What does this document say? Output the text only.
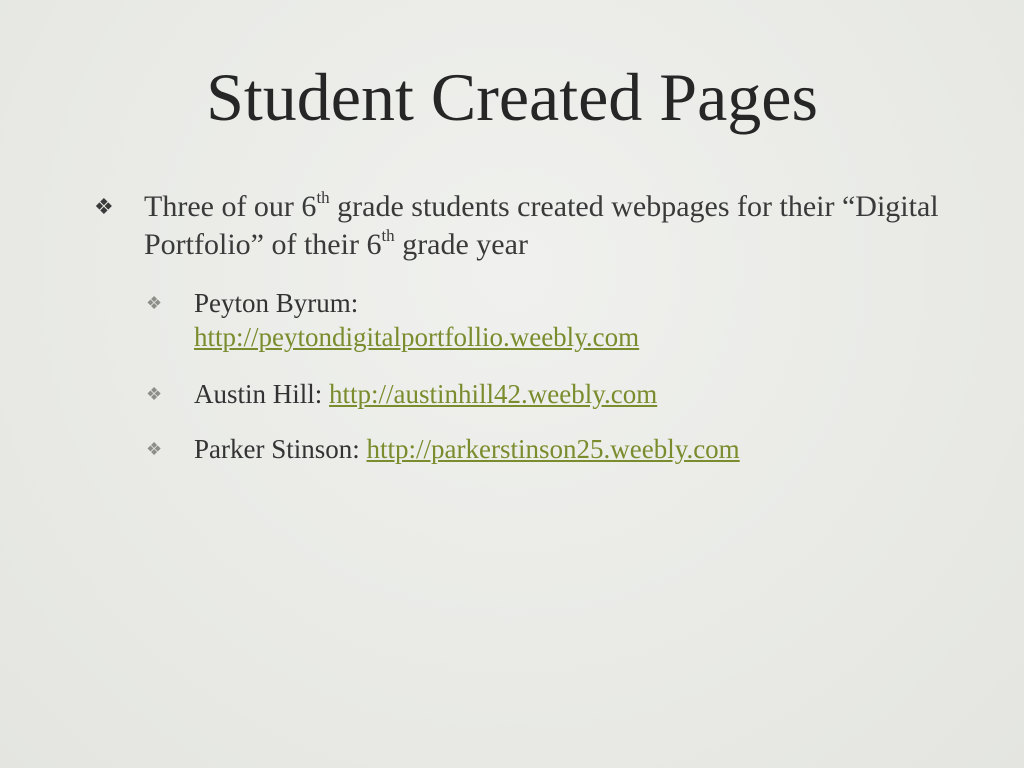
Student Created Pages
❖ Three of our 6th grade students created webpages for their “Digital Portfolio” of their 6th grade year
❖ Peyton Byrum:
http://peytondigitalportfollio.weebly.com
❖ Austin Hill: http://austinhill42.weebly.com
❖ Parker Stinson: http://parkerstinson25.weebly.com
